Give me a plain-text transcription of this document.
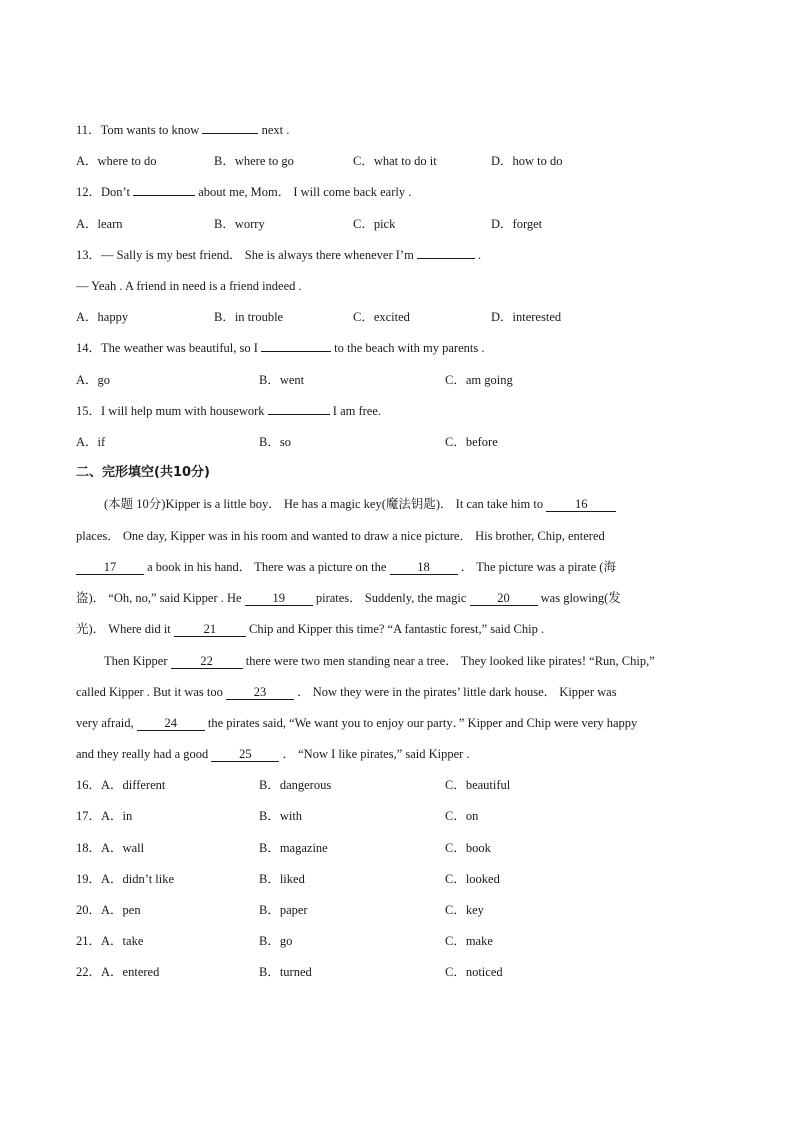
11．Tom wants to know	next .
A．where to do	B．where to go	C．what to do it	D．how to do
12．Don’t	about me, Mom． I will come back early .
A．learn	B．worry	C．pick	D．forget
13．— Sally is my best friend． She is always there whenever I’m	.
— Yeah . A friend in need is a friend indeed .
A．happy	B．in trouble	C．excited	D．interested
14．The weather was beautiful, so I	to the beach with my parents .
A．go	B．went	C．am going
15．I will help mum with housework	I am free.
A．if	B．so	C．before
二、完形填空(共10分)
(本题 10分)Kipper is a little boy． He has a magic key(魔法钥匙)． It can take him to 16
places． One day, Kipper was in his room and wanted to draw a nice picture． His brother, Chip, entered
17 a book in his hand． There was a picture on the 18 ． The picture was a pirate (海
盗)． “Oh, no,” said Kipper . He 19 pirates． Suddenly, the magic 20 was glowing(发
光)． Where did it 21 Chip and Kipper this time? “A fantastic forest,” said Chip .
Then Kipper 22 there were two men standing near a tree． They looked like pirates! “Run, Chip,”
called Kipper . But it was too 23 ． Now they were in the pirates’ little dark house． Kipper was
very afraid, 24 the pirates said, “We want you to enjoy our party．” Kipper and Chip were very happy
and they really had a good 25 ． “Now I like pirates,” said Kipper .
16．A．different	B．dangerous	C．beautiful
17．A．in	B．with	C．on
18．A．wall	B．magazine	C．book
19．A．didn’t like	B．liked	C．looked
20．A．pen	B．paper	C．key
21．A．take	B．go	C．make
22．A．entered	B．turned	C．noticed
